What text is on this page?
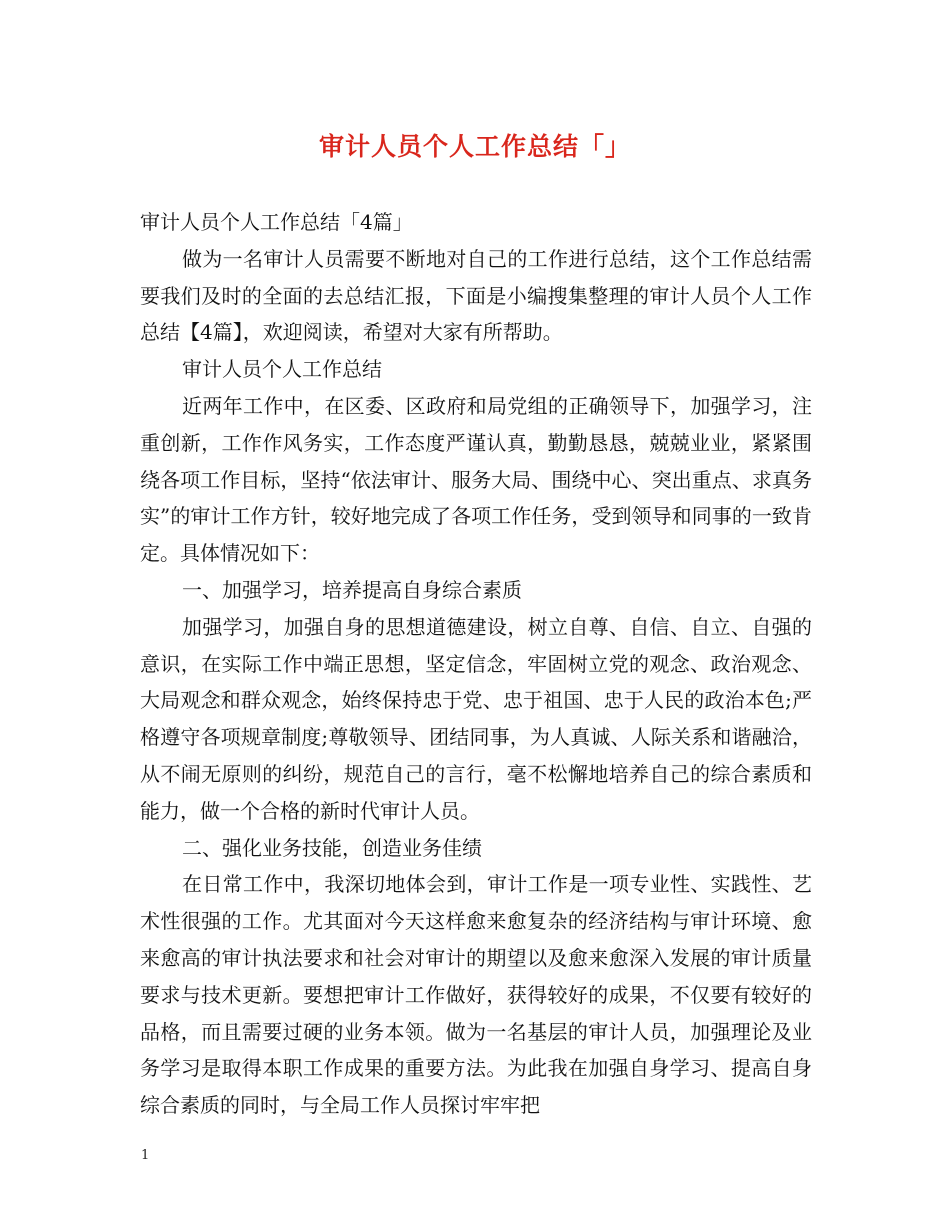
审计人员个人工作总结「」

审计人员个人工作总结「4篇」

做为一名审计人员需要不断地对自己的工作进行总结，这个工作总结需要我们及时的全面的去总结汇报，下面是小编搜集整理的审计人员个人工作总结【4篇】，欢迎阅读，希望对大家有所帮助。

审计人员个人工作总结

近两年工作中，在区委、区政府和局党组的正确领导下，加强学习，注重创新，工作作风务实，工作态度严谨认真，勤勤恳恳，兢兢业业，紧紧围绕各项工作目标，坚持“依法审计、服务大局、围绕中心、突出重点、求真务实”的审计工作方针，较好地完成了各项工作任务，受到领导和同事的一致肯定。具体情况如下：

一、加强学习，培养提高自身综合素质

加强学习，加强自身的思想道德建设，树立自尊、自信、自立、自强的意识，在实际工作中端正思想，坚定信念，牢固树立党的观念、政治观念、大局观念和群众观念，始终保持忠于党、忠于祖国、忠于人民的政治本色;严格遵守各项规章制度;尊敬领导、团结同事，为人真诚、人际关系和谐融洽，从不闹无原则的纠纷，规范自己的言行，毫不松懈地培养自己的综合素质和能力，做一个合格的新时代审计人员。

二、强化业务技能，创造业务佳绩

在日常工作中，我深切地体会到，审计工作是一项专业性、实践性、艺术性很强的工作。尤其面对今天这样愈来愈复杂的经济结构与审计环境、愈来愈高的审计执法要求和社会对审计的期望以及愈来愈深入发展的审计质量要求与技术更新。要想把审计工作做好，获得较好的成果，不仅要有较好的品格，而且需要过硬的业务本领。做为一名基层的审计人员，加强理论及业务学习是取得本职工作成果的重要方法。为此我在加强自身学习、提高自身综合素质的同时，与全局工作人员探讨牢牢把

1
